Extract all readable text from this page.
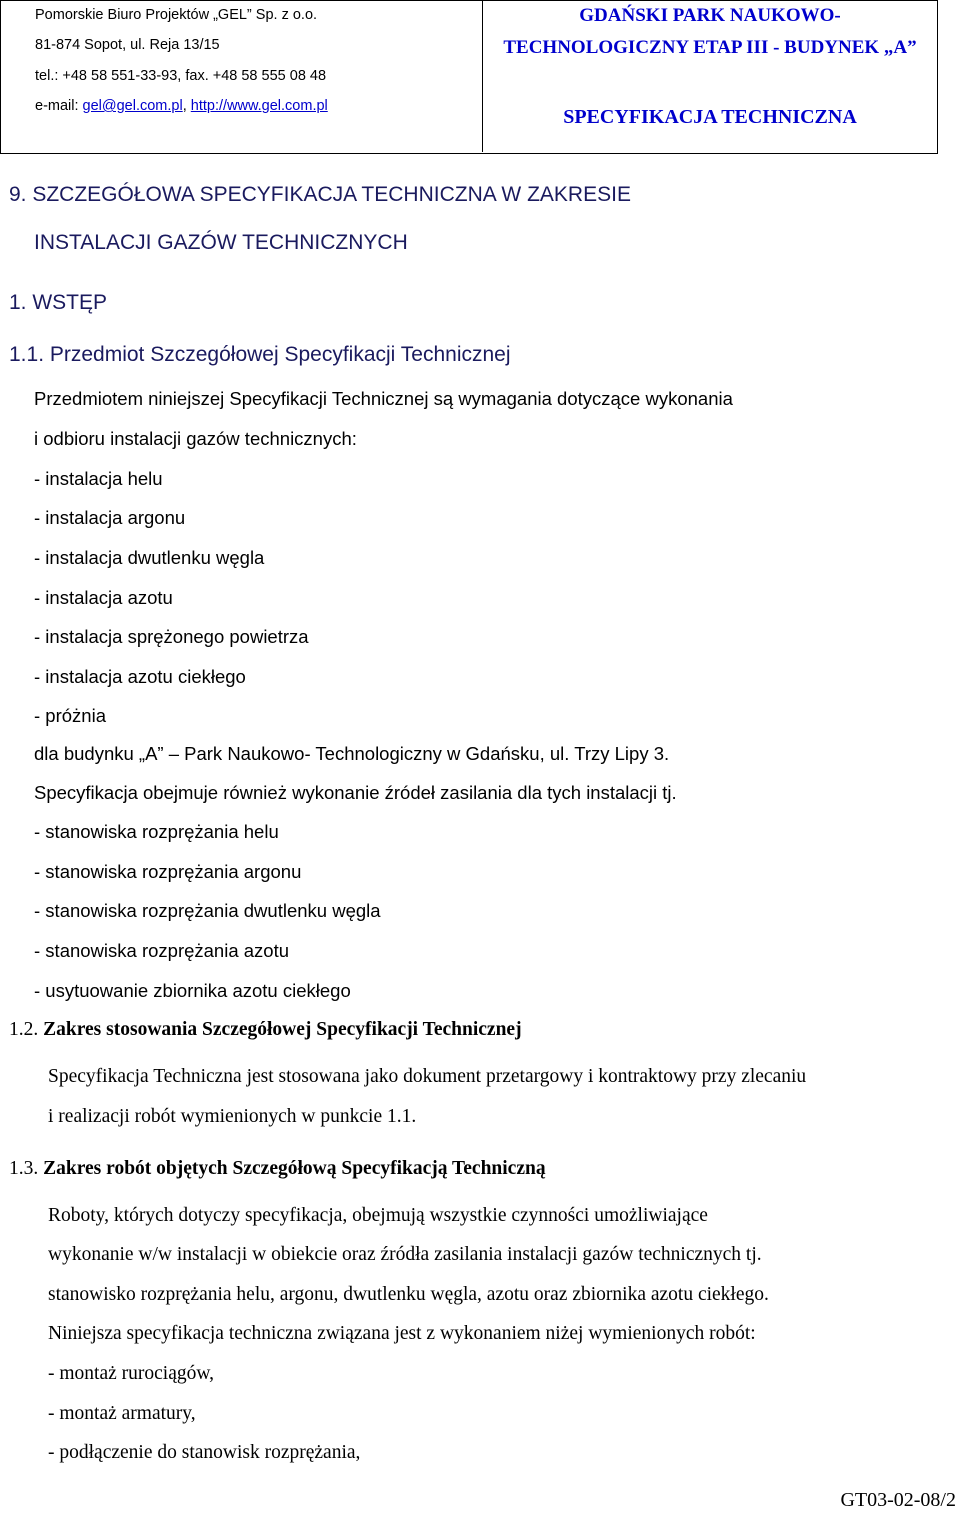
Pomorskie Biuro Projektów „GEL” Sp. z o.o.
81-874 Sopot, ul. Reja 13/15
tel.: +48 58 551-33-93, fax. +48 58 555 08 48
e-mail: gel@gel.com.pl, http://www.gel.com.pl
GDAŃSKI PARK NAUKOWO-
TECHNOLOGICZNY ETAP III - BUDYNEK „A”
SPECYFIKACJA TECHNICZNA
9. SZCZEGÓŁOWA SPECYFIKACJA TECHNICZNA W ZAKRESIE
INSTALACJI GAZÓW TECHNICZNYCH
1. WSTĘP
1.1. Przedmiot Szczegółowej Specyfikacji Technicznej
Przedmiotem niniejszej Specyfikacji Technicznej są wymagania dotyczące wykonania
i odbioru instalacji gazów technicznych:
- instalacja helu
- instalacja argonu
- instalacja dwutlenku węgla
- instalacja azotu
- instalacja sprężonego powietrza
- instalacja azotu ciekłego
- próżnia
dla budynku „A” – Park Naukowo- Technologiczny w Gdańsku, ul. Trzy Lipy 3.
Specyfikacja obejmuje również wykonanie źródeł zasilania dla tych instalacji tj.
- stanowiska rozprężania helu
- stanowiska rozprężania argonu
- stanowiska rozprężania dwutlenku węgla
- stanowiska rozprężania azotu
- usytuowanie zbiornika azotu ciekłego
1.2. Zakres stosowania Szczegółowej Specyfikacji Technicznej
Specyfikacja Techniczna jest stosowana jako dokument przetargowy i kontraktowy przy zlecaniu
i realizacji robót wymienionych w punkcie 1.1.
1.3. Zakres robót objętych Szczegółową Specyfikacją Techniczną
Roboty, których dotyczy specyfikacja, obejmują wszystkie czynności umożliwiające
wykonanie w/w instalacji w obiekcie oraz źródła zasilania instalacji gazów technicznych tj.
stanowisko rozprężania helu, argonu, dwutlenku węgla, azotu oraz zbiornika azotu ciekłego.
Niniejsza specyfikacja techniczna związana jest z wykonaniem niżej wymienionych robót:
- montaż rurociągów,
- montaż armatury,
- podłączenie do stanowisk rozprężania,
GT03-02-08/2
